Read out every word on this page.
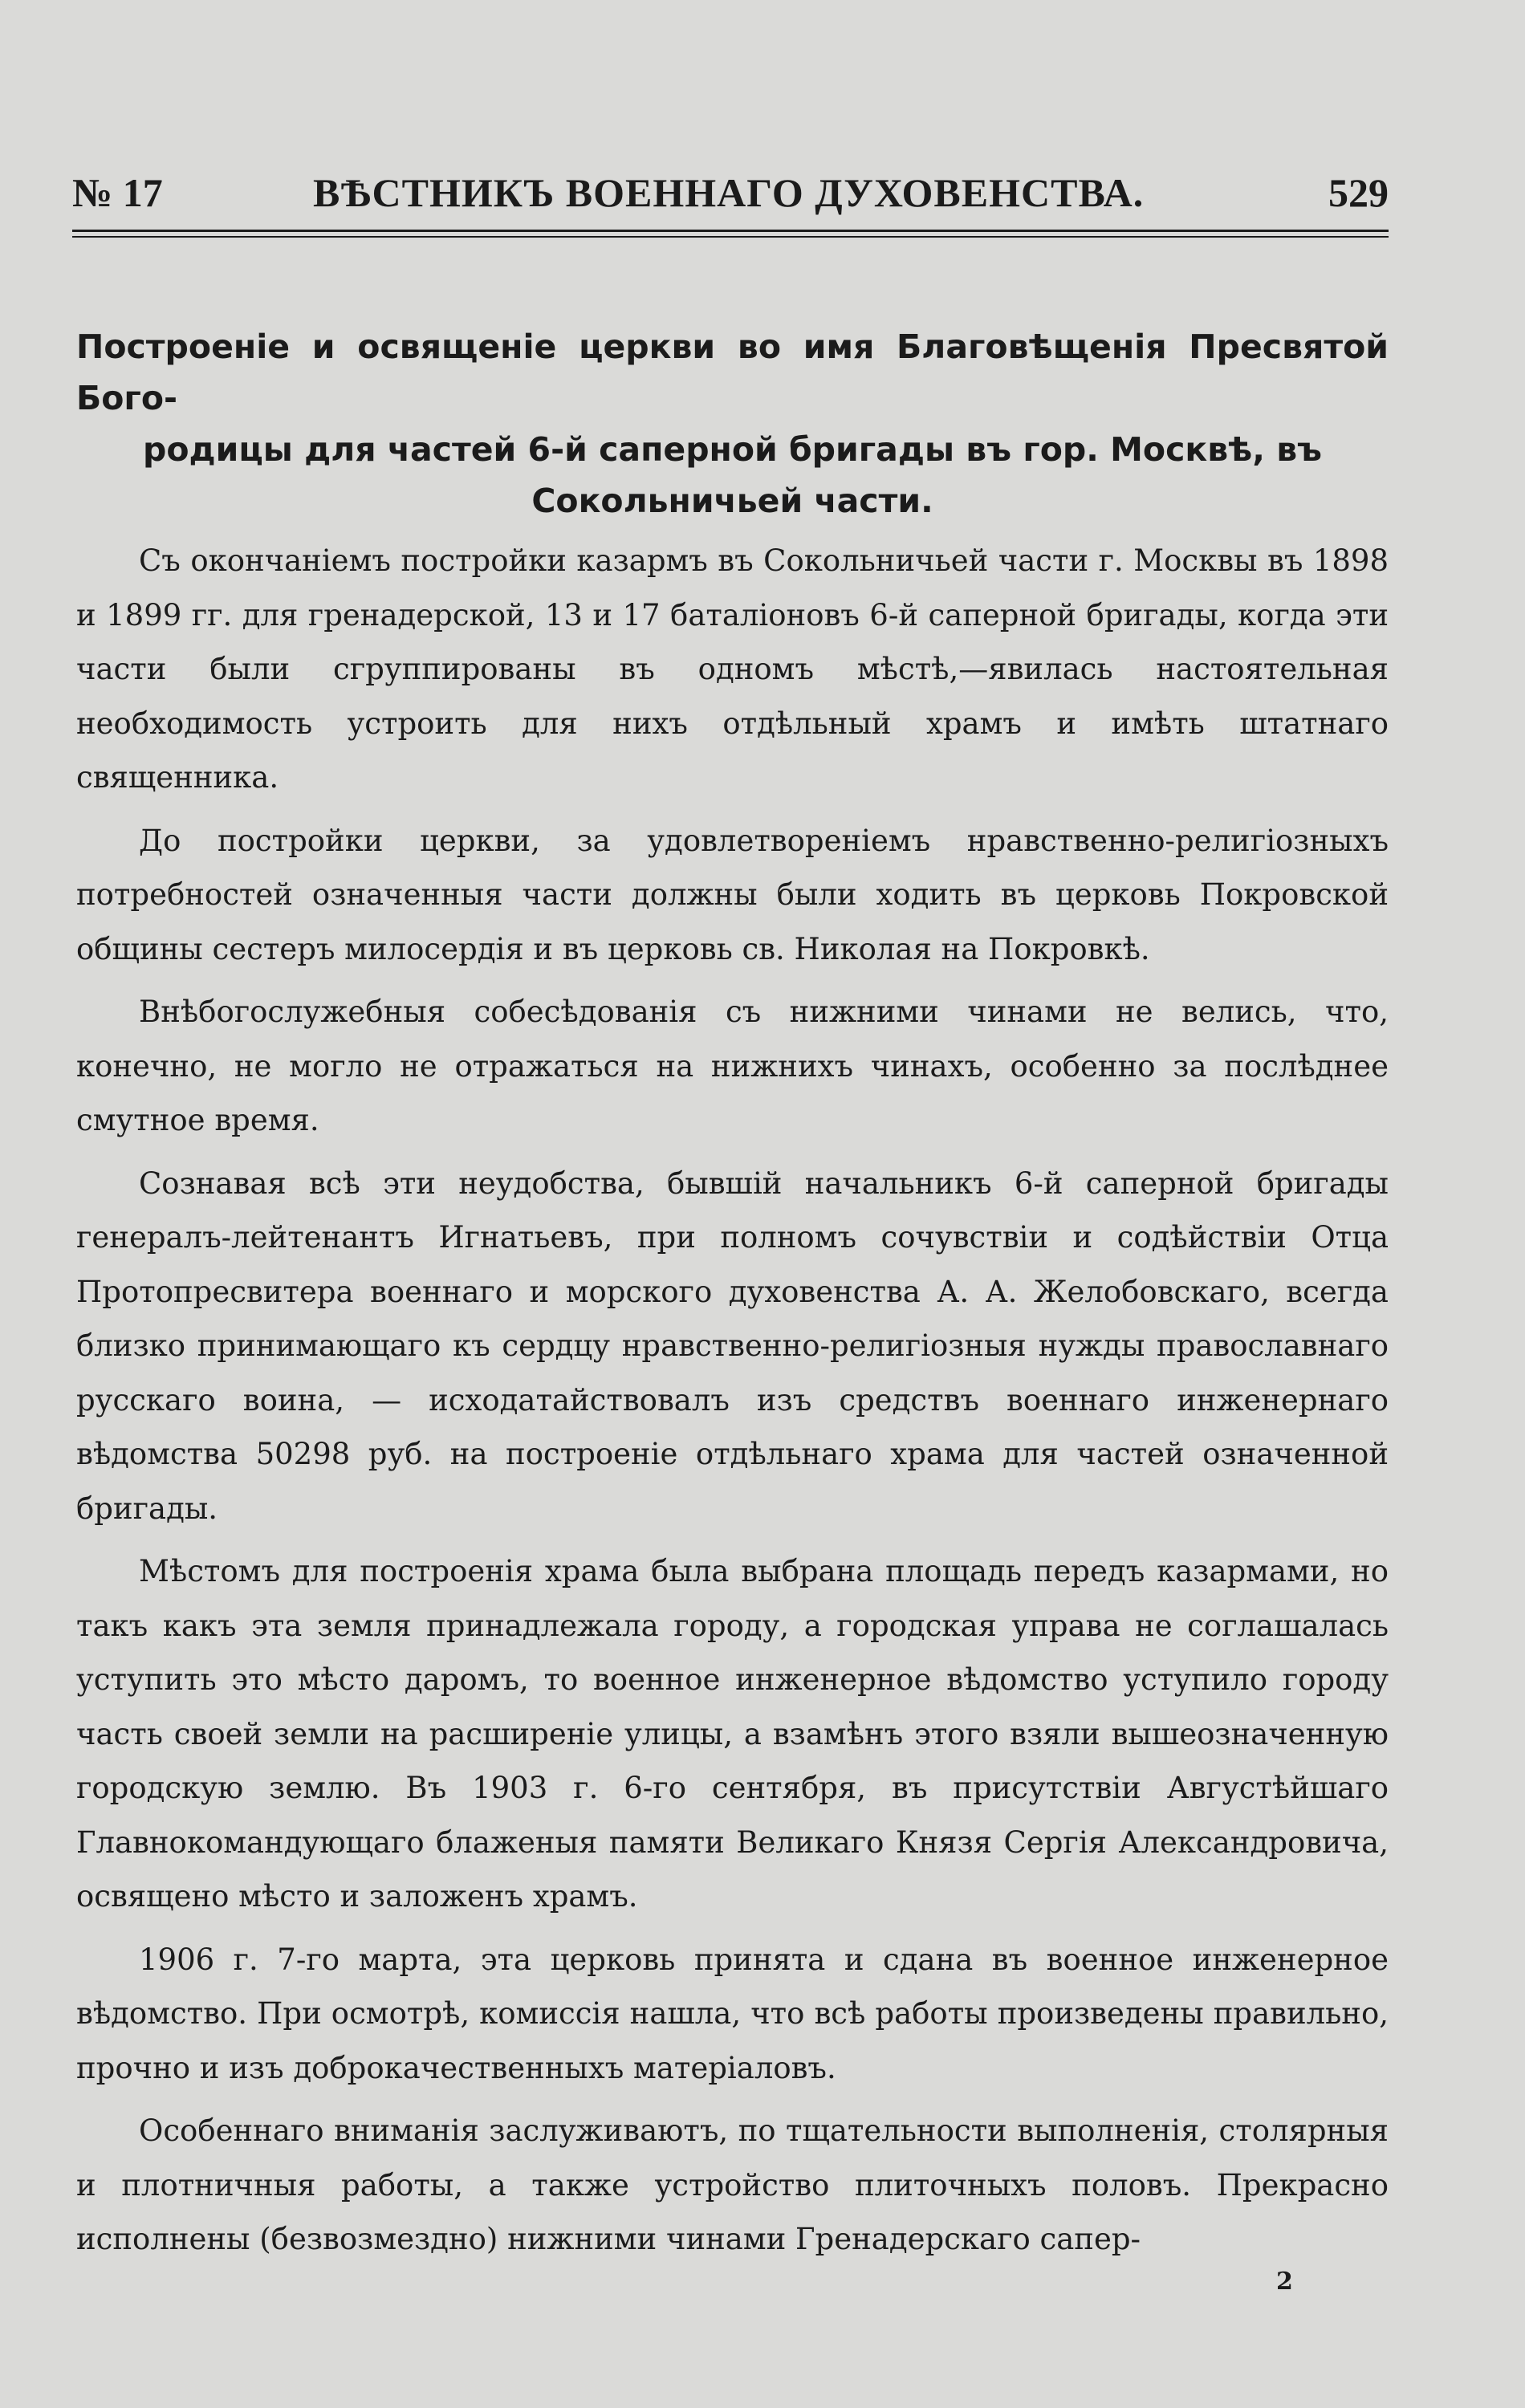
№ 17	ВѢСТНИКЪ ВОЕННАГО ДУХОВЕНСТВА.	529
Построеніе и освященіе церкви во имя Благовѣщенія Пресвятой Бого-
родицы для частей 6-й саперной бригады въ гор. Москвѣ, въ
Сокольничьей части.

Съ окончаніемъ постройки казармъ въ Сокольничьей части г. Москвы въ 1898 и 1899 гг. для гренадерской, 13 и 17 баталіоновъ 6-й саперной бригады, когда эти части были сгруппированы въ одномъ мѣстѣ,—явилась настоятельная необходимость устроить для нихъ отдѣльный храмъ и имѣть штатнаго священника.

До постройки церкви, за удовлетвореніемъ нравственно-религіозныхъ потребностей означенныя части должны были ходить въ церковь Покровской общины сестеръ милосердія и въ церковь св. Николая на Покровкѣ.

Внѣбогослужебныя собесѣдованія съ нижними чинами не велись, что, конечно, не могло не отражаться на нижнихъ чинахъ, особенно за послѣднее смутное время.

Сознавая всѣ эти неудобства, бывшій начальникъ 6-й саперной бригады генералъ-лейтенантъ Игнатьевъ, при полномъ сочувствіи и содѣйствіи Отца Протопресвитера военнаго и морского духовенства А. А. Желобовскаго, всегда близко принимающаго къ сердцу нравственно-религіозныя нужды православнаго русскаго воина, — исходатайствовалъ изъ средствъ военнаго инженернаго вѣдомства 50298 руб. на построеніе отдѣльнаго храма для частей означенной бригады.

Мѣстомъ для построенія храма была выбрана площадь передъ казармами, но такъ какъ эта земля принадлежала городу, а городская управа не соглашалась уступить это мѣсто даромъ, то военное инженерное вѣдомство уступило городу часть своей земли на расширеніе улицы, а взамѣнъ этого взяли вышеозначенную городскую землю. Въ 1903 г. 6-го сентября, въ присутствіи Августѣйшаго Главнокомандующаго блаженыя памяти Великаго Князя Сергія Александровича, освящено мѣсто и заложенъ храмъ.

1906 г. 7-го марта, эта церковь принята и сдана въ военное инженерное вѣдомство. При осмотрѣ, комиссія нашла, что всѣ работы произведены правильно, прочно и изъ доброкачественныхъ матеріаловъ.

Особеннаго вниманія заслуживаютъ, по тщательности выполненія, столярныя и плотничныя работы, а также устройство плиточныхъ половъ. Прекрасно исполнены (безвозмездно) нижними чинами Гренадерскаго сапер-

2
